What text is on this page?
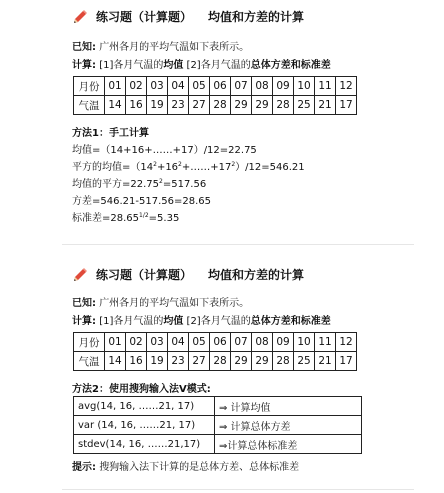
练习题（计算题） 均值和方差的计算
已知: 广州各月的平均气温如下表所示。
计算: [1]各月气温的均值 [2]各月气温的总体方差和标准差
月份	01	02	03	04	05	06	07	08	09	10	11	12
气温	14	16	19	23	27	28	29	29	28	25	21	17
方法1：手工计算
均值=（14+16+……+17）/12=22.75
平方的均值$=(14^2+16^2+\dots\dots+17^2)/12=546.21$
均值的平方$=22.75^2=517.56$
方差=546.21-517.56=28.65
标准差$=28.65^{1/2}=5.35$
练习题（计算题） 均值和方差的计算
已知: 广州各月的平均气温如下表所示。
计算: [1]各月气温的均值 [2]各月气温的总体方差和标准差
月份	01	02	03	04	05	06	07	08	09	10	11	12
气温	14	16	19	23	27	28	29	29	28	25	21	17
方法2：使用搜狗输入法V模式:
avg(14, 16, ……21, 17)	⇒ 计算均值
var (14, 16, ……21, 17)	⇒ 计算总体方差
stdev(14, 16, ……21,17)	⇒计算总体标准差
提示: 搜狗输入法下计算的是总体方差、总体标准差
